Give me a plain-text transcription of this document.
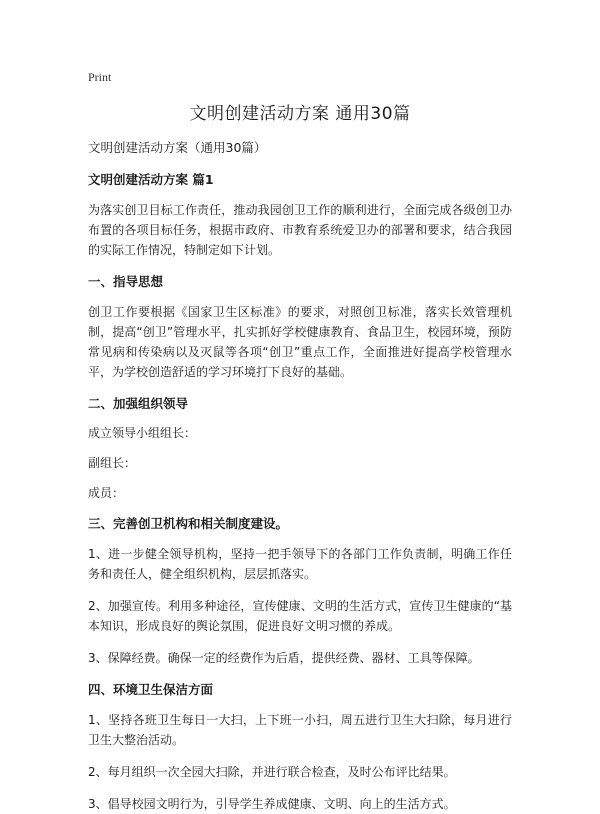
Print
文明创建活动方案 通用30篇
文明创建活动方案（通用30篇）
文明创建活动方案 篇1

为落实创卫目标工作责任，推动我园创卫工作的顺利进行，全面完成各级创卫办布置的各项目标任务，根据市政府、市教育系统爱卫办的部署和要求，结合我园的实际工作情况，特制定如下计划。

一、指导思想

创卫工作要根据《国家卫生区标准》的要求，对照创卫标准，落实长效管理机制，提高“创卫”管理水平，扎实抓好学校健康教育、食品卫生，校园环境，预防常见病和传染病以及灭鼠等各项“创卫”重点工作，全面推进好提高学校管理水平，为学校创造舒适的学习环境打下良好的基础。

二、加强组织领导

成立领导小组组长：

副组长：

成员：

三、完善创卫机构和相关制度建设。

1、进一步健全领导机构，坚持一把手领导下的各部门工作负责制，明确工作任务和责任人，健全组织机构，层层抓落实。

2、加强宣传。利用多种途径，宣传健康、文明的生活方式，宣传卫生健康的“基本知识，形成良好的舆论氛围，促进良好文明习惯的养成。

3、保障经费。确保一定的经费作为后盾，提供经费、器材、工具等保障。

四、环境卫生保洁方面

1、坚持各班卫生每日一大扫，上下班一小扫，周五进行卫生大扫除，每月进行卫生大整治活动。

2、每月组织一次全园大扫除，并进行联合检查，及时公布评比结果。

3、倡导校园文明行为，引导学生养成健康、文明、向上的生活方式。
